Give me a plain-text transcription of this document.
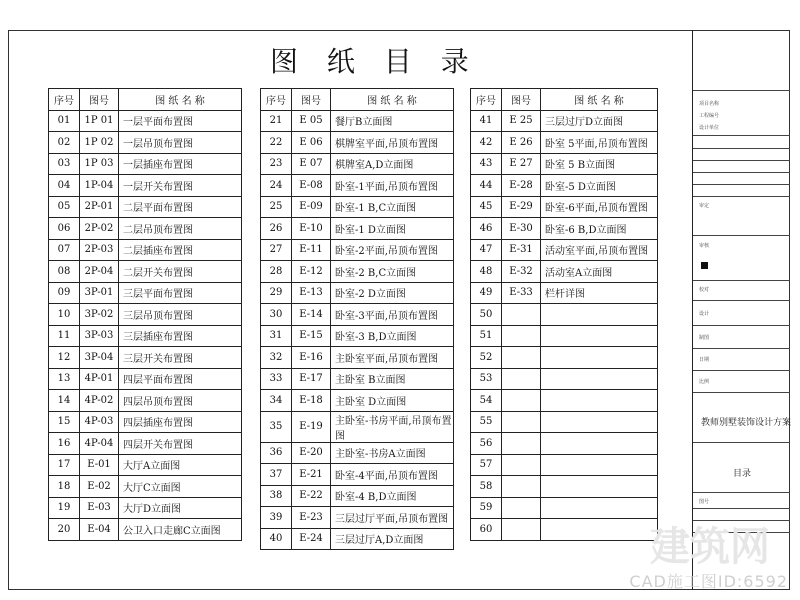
图 纸 目 录
序号	图号	图 纸 名 称
01	1P 01	一层平面布置图
02	1P 02	一层吊顶布置图
03	1P 03	一层插座布置图
04	1P-04	一层开关布置图
05	2P-01	二层平面布置图
06	2P-02	二层吊顶布置图
07	2P-03	二层插座布置图
08	2P-04	二层开关布置图
09	3P-01	三层平面布置图
10	3P-02	三层吊顶布置图
11	3P-03	三层插座布置图
12	3P-04	三层开关布置图
13	4P-01	四层平面布置图
14	4P-02	四层吊顶布置图
15	4P-03	四层插座布置图
16	4P-04	四层开关布置图
17	E-01	大厅A立面图
18	E-02	大厅C立面图
19	E-03	大厅D立面图
20	E-04	公卫入口走廊C立面图
序号	图号	图 纸 名 称
21	E 05	餐厅B立面图
22	E 06	棋牌室平面,吊顶布置图
23	E 07	棋牌室A,D立面图
24	E-08	卧室-1平面,吊顶布置图
25	E-09	卧室-1 B,C立面图
26	E-10	卧室-1 D立面图
27	E-11	卧室-2平面,吊顶布置图
28	E-12	卧室-2 B,C立面图
29	E-13	卧室-2 D立面图
30	E-14	卧室-3平面,吊顶布置图
31	E-15	卧室-3 B,D立面图
32	E-16	主卧室平面,吊顶布置图
33	E-17	主卧室 B立面图
34	E-18	主卧室 D立面图
35	E-19	主卧室-书房平面,吊顶布置图
36	E-20	主卧室-书房A立面图
37	E-21	卧室-4平面,吊顶布置图
38	E-22	卧室-4 B,D立面图
39	E-23	三层过厅平面,吊顶布置图
40	E-24	三层过厅A,D立面图
序号	图号	图 纸 名 称
41	E 25	三层过厅D立面图
42	E 26	卧室 5平面,吊顶布置图
43	E 27	卧室 5 B立面图
44	E-28	卧室-5 D立面图
45	E-29	卧室-6平面,吊顶布置图
46	E-30	卧室-6 B,D立面图
47	E-31	活动室平面,吊顶布置图
48	E-32	活动室A立面图
49	E-33	栏杆详图
50		
51		
52		
53		
54		
55		
56		
57		
58		
59		
60		
项目名称
工程编号
设计单位
审定
审核
校对
设计
制图
日期
比例
教师别墅装饰设计方案
目录
图号
建筑网
CAD施工图ID:6592
